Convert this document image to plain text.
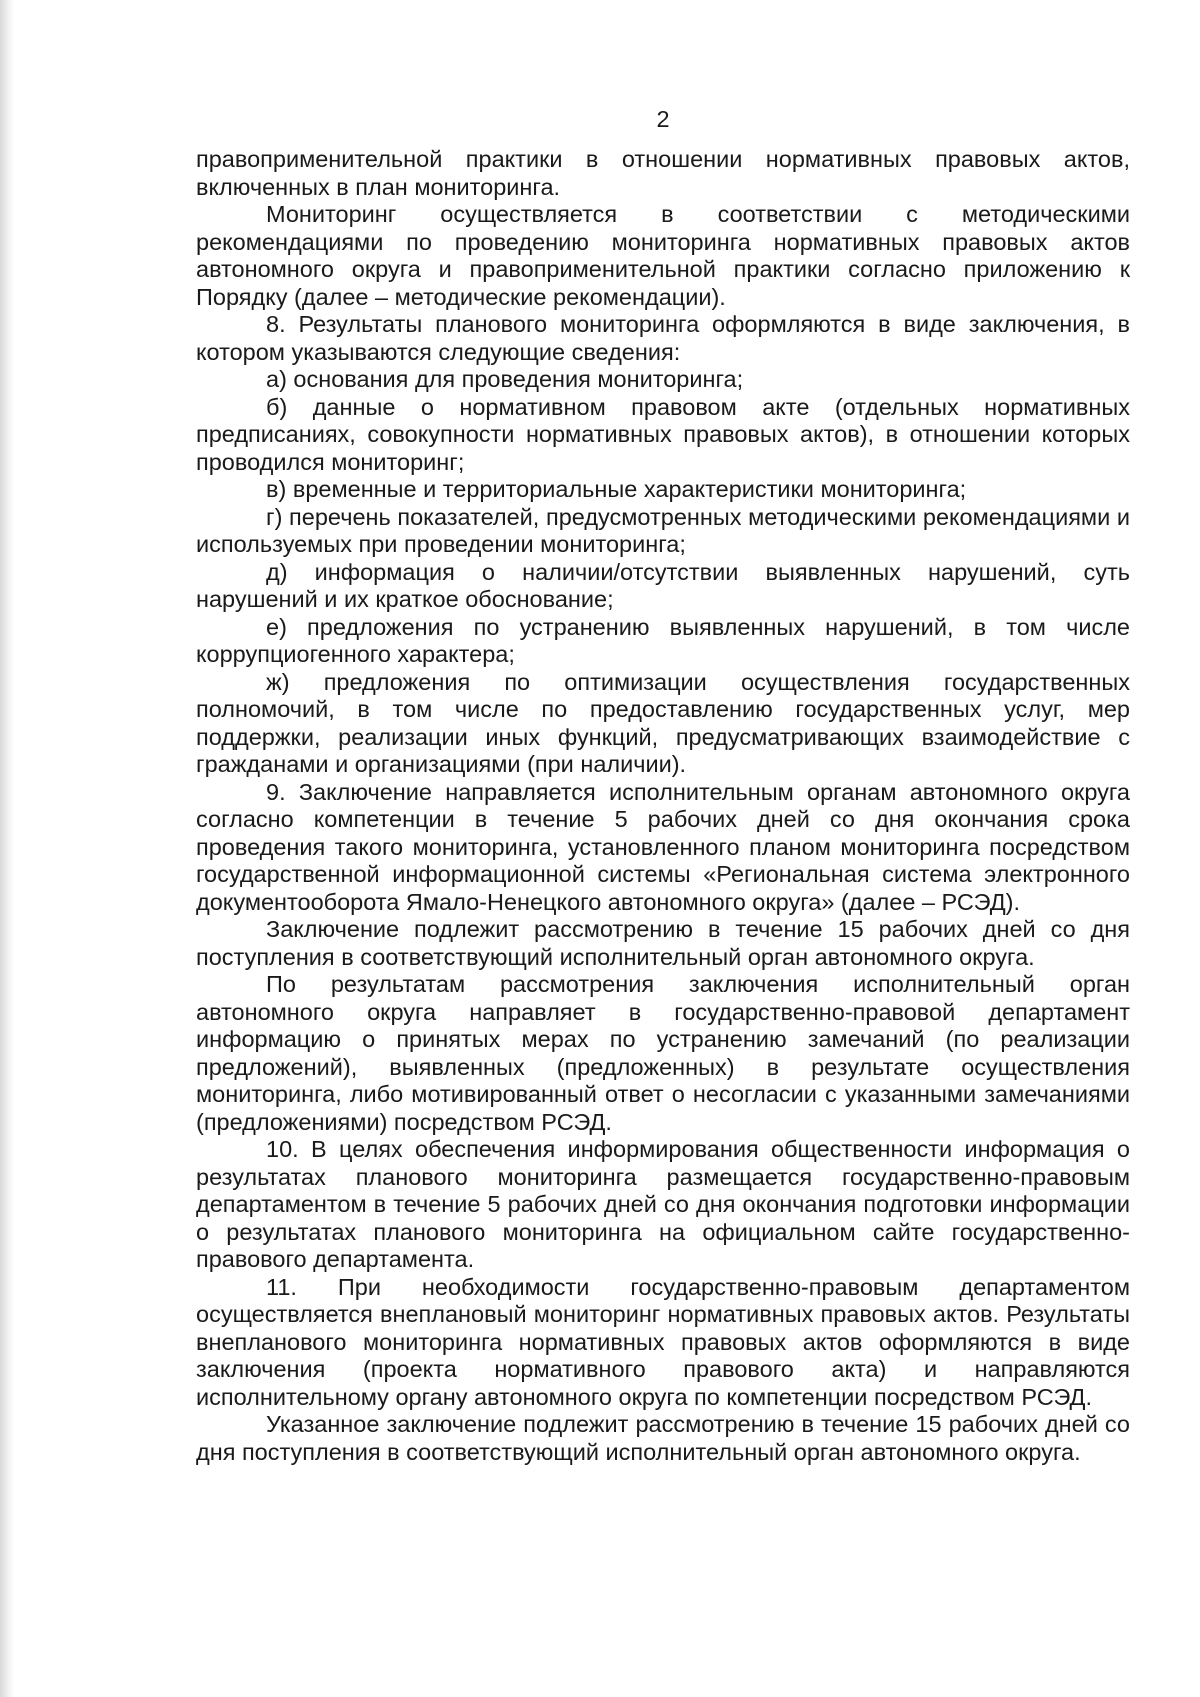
2

правоприменительной практики в отношении нормативных правовых актов, включенных в план мониторинга.

Мониторинг осуществляется в соответствии с методическими рекомендациями по проведению мониторинга нормативных правовых актов автономного округа и правоприменительной практики согласно приложению к Порядку (далее – методические рекомендации).

8. Результаты планового мониторинга оформляются в виде заключения, в котором указываются следующие сведения:

а) основания для проведения мониторинга;

б) данные о нормативном правовом акте (отдельных нормативных предписаниях, совокупности нормативных правовых актов), в отношении которых проводился мониторинг;

в) временные и территориальные характеристики мониторинга;

г) перечень показателей, предусмотренных методическими рекомендациями и используемых при проведении мониторинга;

д) информация о наличии/отсутствии выявленных нарушений, суть нарушений и их краткое обоснование;

е) предложения по устранению выявленных нарушений, в том числе коррупциогенного характера;

ж) предложения по оптимизации осуществления государственных полномочий, в том числе по предоставлению государственных услуг, мер поддержки, реализации иных функций, предусматривающих взаимодействие с гражданами и организациями (при наличии).

9. Заключение направляется исполнительным органам автономного округа согласно компетенции в течение 5 рабочих дней со дня окончания срока проведения такого мониторинга, установленного планом мониторинга посредством государственной информационной системы «Региональная система электронного документооборота Ямало-Ненецкого автономного округа» (далее – РСЭД).

Заключение подлежит рассмотрению в течение 15 рабочих дней со дня поступления в соответствующий исполнительный орган автономного округа.

По результатам рассмотрения заключения исполнительный орган автономного округа направляет в государственно-правовой департамент информацию о принятых мерах по устранению замечаний (по реализации предложений), выявленных (предложенных) в результате осуществления мониторинга, либо мотивированный ответ о несогласии с указанными замечаниями (предложениями) посредством РСЭД.

10. В целях обеспечения информирования общественности информация о результатах планового мониторинга размещается государственно-правовым департаментом в течение 5 рабочих дней со дня окончания подготовки информации о результатах планового мониторинга на официальном сайте государственно-правового департамента.

11. При необходимости государственно-правовым департаментом осуществляется внеплановый мониторинг нормативных правовых актов. Результаты внепланового мониторинга нормативных правовых актов оформляются в виде заключения (проекта нормативного правового акта) и направляются исполнительному органу автономного округа по компетенции посредством РСЭД.

Указанное заключение подлежит рассмотрению в течение 15 рабочих дней со дня поступления в соответствующий исполнительный орган автономного округа.
